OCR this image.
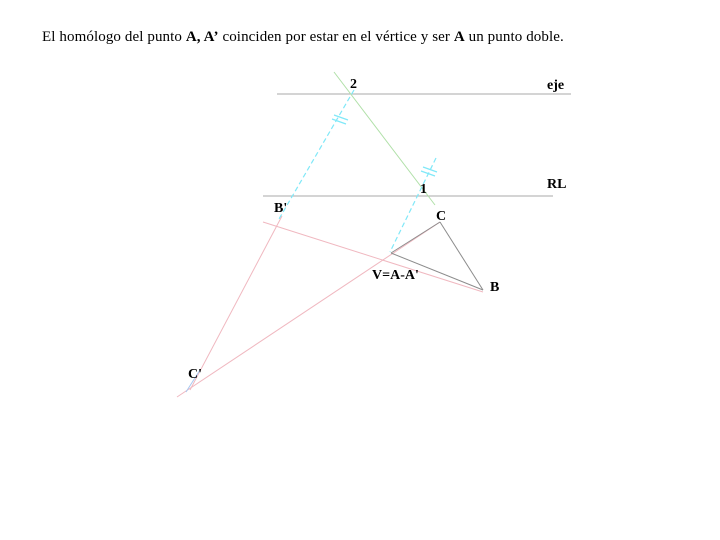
El homólogo del punto A, A’ coinciden por estar en el vértice y ser A un punto doble.
2	eje
1	RL
B'
C
V=A-A'
B
C'
